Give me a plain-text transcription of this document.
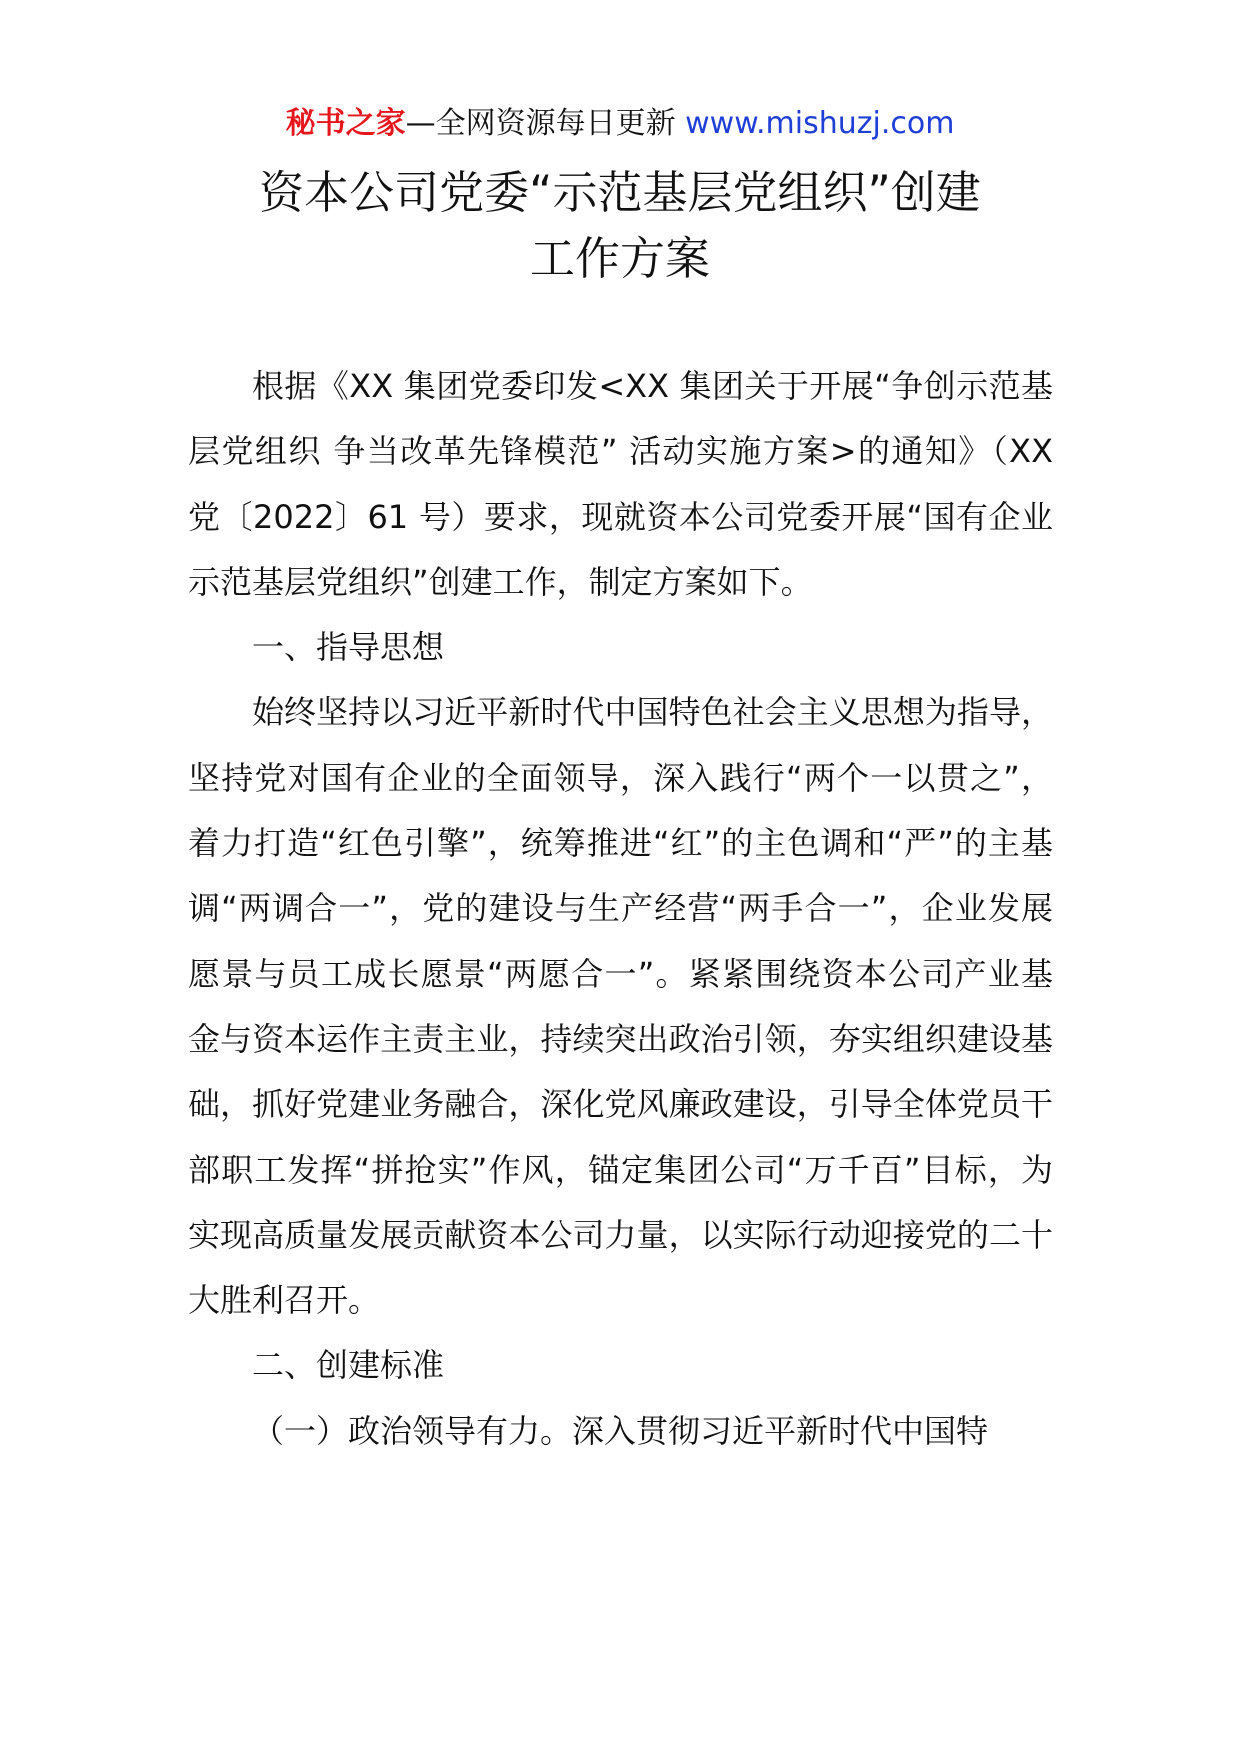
秘书之家—全网资源每日更新 www.mishuzj.com
资本公司党委“示范基层党组织”创建
工作方案

根据《XX 集团党委印发<XX 集团关于开展“争创示范基层党组织 争当改革先锋模范” 活动实施方案>的通知》（XX 党〔2022〕61 号）要求，现就资本公司党委开展“国有企业示范基层党组织”创建工作，制定方案如下。

一、指导思想

始终坚持以习近平新时代中国特色社会主义思想为指导，坚持党对国有企业的全面领导，深入践行“两个一以贯之”，着力打造“红色引擎”，统筹推进“红”的主色调和“严”的主基调“两调合一”，党的建设与生产经营“两手合一”，企业发展愿景与员工成长愿景“两愿合一”。紧紧围绕资本公司产业基金与资本运作主责主业，持续突出政治引领，夯实组织建设基础，抓好党建业务融合，深化党风廉政建设，引导全体党员干部职工发挥“拼抢实”作风，锚定集团公司“万千百”目标，为实现高质量发展贡献资本公司力量，以实际行动迎接党的二十大胜利召开。

二、创建标准

（一）政治领导有力。深入贯彻习近平新时代中国特
